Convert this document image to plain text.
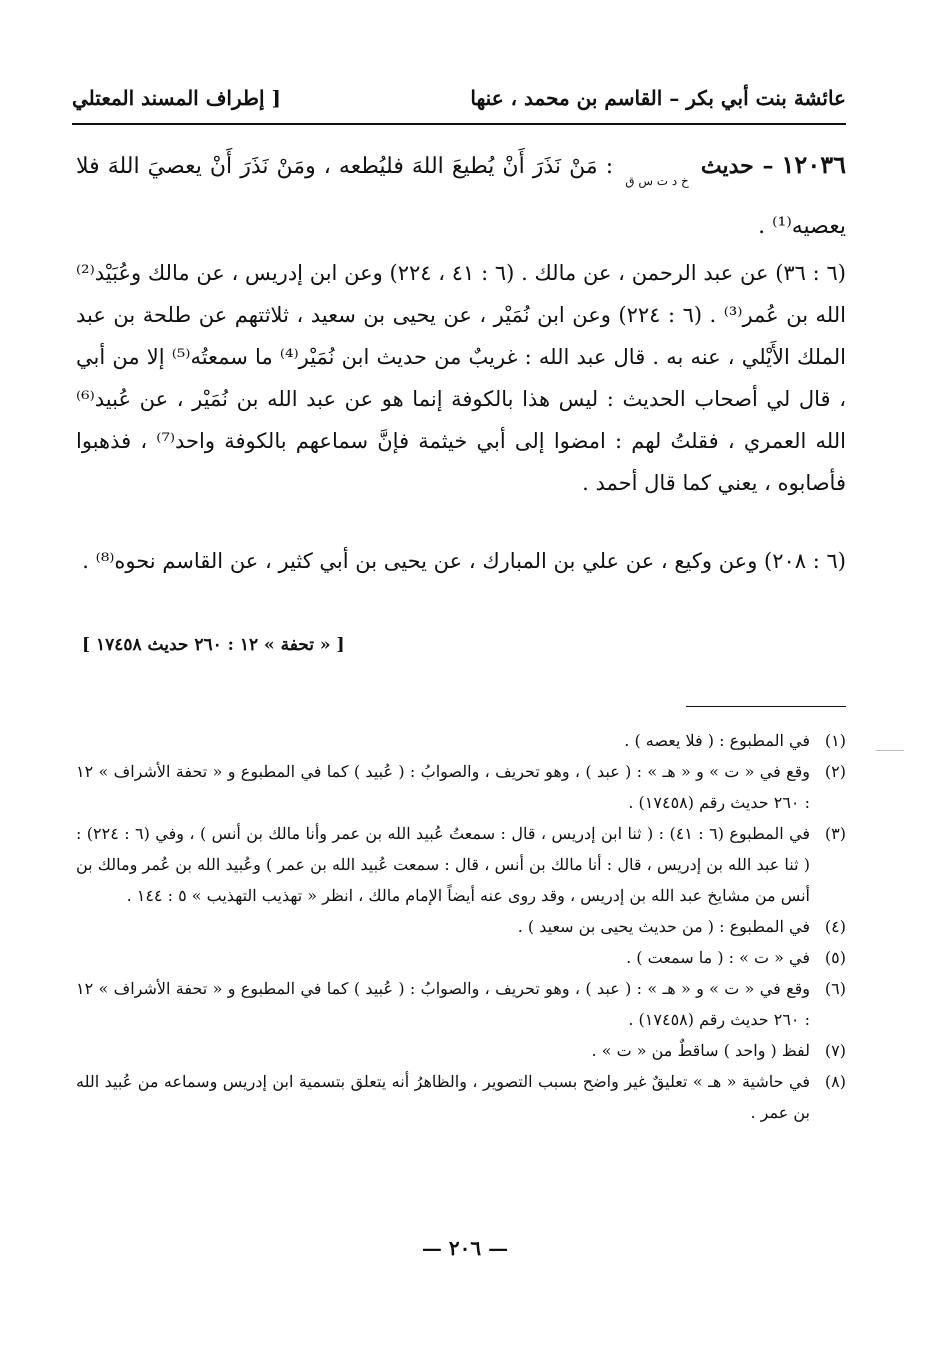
عائشة بنت أبي بكر – القاسم بن محمد ، عنها
[ إطراف المسند المعتلي
١٢٠٣٦ – حديث خ د ت س ق : مَنْ نَذَرَ أَنْ يُطيعَ اللهَ فليُطعه ، ومَنْ نَذَرَ أَنْ يعصيَ اللهَ فلا يعصيه⁽¹⁾ .
(٦ : ٣٦) عن عبد الرحمن ، عن مالك . (٦ : ٤١ ، ٢٢٤) وعن ابن إدريس ، عن مالك وعُبَيْد⁽²⁾ الله بن عُمر⁽³⁾ . (٦ : ٢٢٤) وعن ابن نُمَيْر ، عن يحيى بن سعيد ، ثلاثتهم عن طلحة بن عبد الملك الأَيْلي ، عنه به . قال عبد الله : غريبٌ من حديث ابن نُمَيْر⁽⁴⁾ ما سمعتُه⁽⁵⁾ إلا من أبي ، قال لي أصحاب الحديث : ليس هذا بالكوفة إنما هو عن عبد الله بن نُمَيْر ، عن عُبيد⁽⁶⁾ الله العمري ، فقلتُ لهم : امضوا إلى أبي خيثمة فإنَّ سماعهم بالكوفة واحد⁽⁷⁾ ، فذهبوا فأصابوه ، يعني كما قال أحمد .
(٦ : ٢٠٨) وعن وكيع ، عن علي بن المبارك ، عن يحيى بن أبي كثير ، عن القاسم نحوه⁽⁸⁾ .
[ « تحفة » ١٢ : ٢٦٠ حديث ١٧٤٥٨ ]
(١)
في المطبوع : ( فلا يعصه ) .
(٢)
وقع في « ت » و « هـ » : ( عبد ) ، وهو تحريف ، والصوابُ : ( عُبيد ) كما في المطبوع و « تحفة الأشراف » ١٢ : ٢٦٠ حديث رقم (١٧٤٥٨) .
(٣)
في المطبوع (٦ : ٤١) : ( ثنا ابن إدريس ، قال : سمعتُ عُبيد الله بن عمر وأنا مالك بن أنس ) ، وفي (٦ : ٢٢٤) : ( ثنا عبد الله بن إدريس ، قال : أنا مالك بن أنس ، قال : سمعت عُبيد الله بن عمر ) وعُبيد الله بن عُمر ومالك بن أنس من مشايخ عبد الله بن إدريس ، وقد روى عنه أيضاً الإمام مالك ، انظر « تهذيب التهذيب » ٥ : ١٤٤ .
(٤)
في المطبوع : ( من حديث يحيى بن سعيد ) .
(٥)
في « ت » : ( ما سمعت ) .
(٦)
وقع في « ت » و « هـ » : ( عبد ) ، وهو تحريف ، والصوابُ : ( عُبيد ) كما في المطبوع و « تحفة الأشراف » ١٢ : ٢٦٠ حديث رقم (١٧٤٥٨) .
(٧)
لفظ ( واحد ) ساقطٌ من « ت » .
(٨)
في حاشية « هـ » تعليقٌ غير واضح بسبب التصوير ، والظاهرُ أنه يتعلق بتسمية ابن إدريس وسماعه من عُبيد الله بن عمر .
— ٢٠٦ —
